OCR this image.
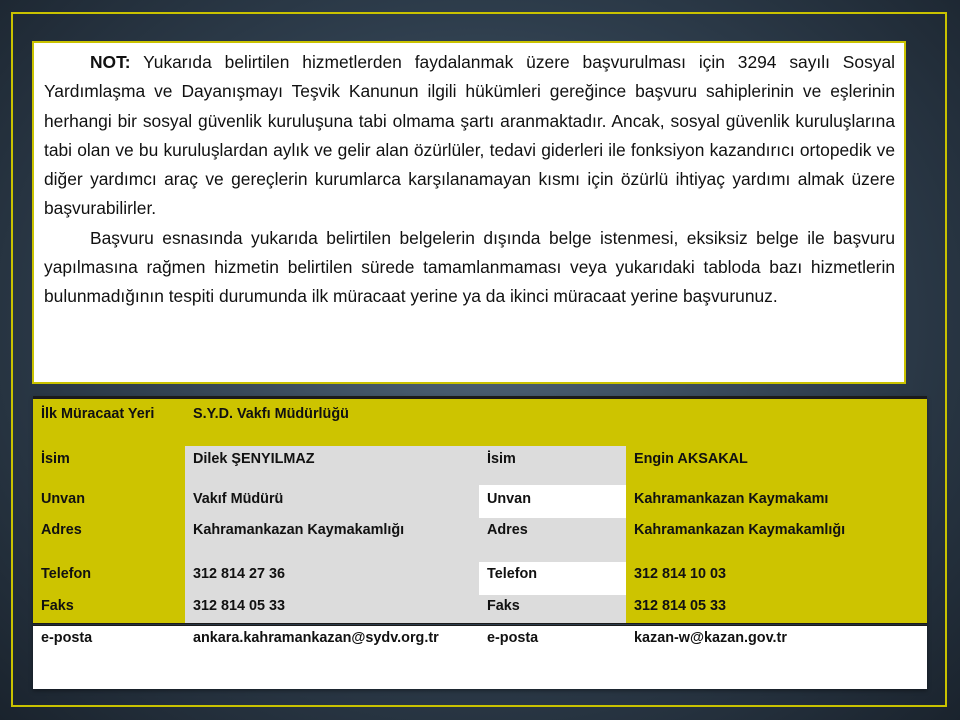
NOT: Yukarıda belirtilen hizmetlerden faydalanmak üzere başvurulması için 3294 sayılı Sosyal Yardımlaşma ve Dayanışmayı Teşvik Kanunun ilgili hükümleri gereğince başvuru sahiplerinin ve eşlerinin herhangi bir sosyal güvenlik kuruluşuna tabi olmama şartı aranmaktadır. Ancak, sosyal güvenlik kuruluşlarına tabi olan ve bu kuruluşlardan aylık ve gelir alan özürlüler, tedavi giderleri ile fonksiyon kazandırıcı ortopedik ve diğer yardımcı araç ve gereçlerin kurumlarca karşılanamayan kısmı için özürlü ihtiyaç yardımı almak üzere başvurabilirler.

Başvuru esnasında yukarıda belirtilen belgelerin dışında belge istenmesi, eksiksiz belge ile başvuru yapılmasına rağmen hizmetin belirtilen sürede tamamlanmaması veya yukarıdaki tabloda bazı hizmetlerin bulunmadığının tespiti durumunda ilk müracaat yerine ya da ikinci müracaat yerine başvurunuz.

İlk Müracaat Yeri	S.Y.D. Vakfı Müdürlüğü		
İsim	Dilek ŞENYILMAZ	İsim	Engin AKSAKAL
Unvan	Vakıf Müdürü	Unvan	Kahramankazan Kaymakamı
Adres	Kahramankazan Kaymakamlığı	Adres	Kahramankazan Kaymakamlığı
Telefon	312 814 27 36	Telefon	312 814 10 03
Faks	312 814 05 33	Faks	312 814 05 33
e-posta	ankara.kahramankazan@sydv.org.tr	e-posta	kazan-w@kazan.gov.tr
